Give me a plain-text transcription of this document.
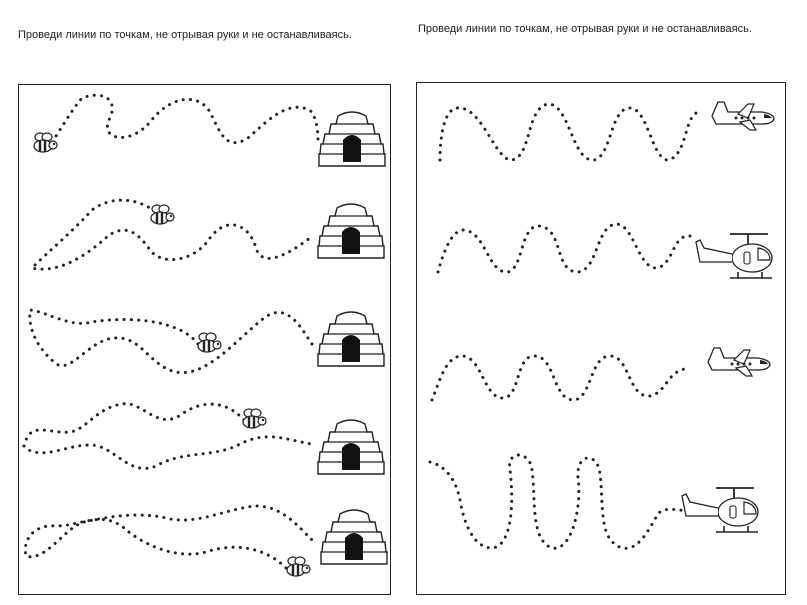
Проведи линии по точкам, не отрывая руки и не останавливаясь.	Проведи линии по точкам, не отрывая руки и не останавливаясь.
